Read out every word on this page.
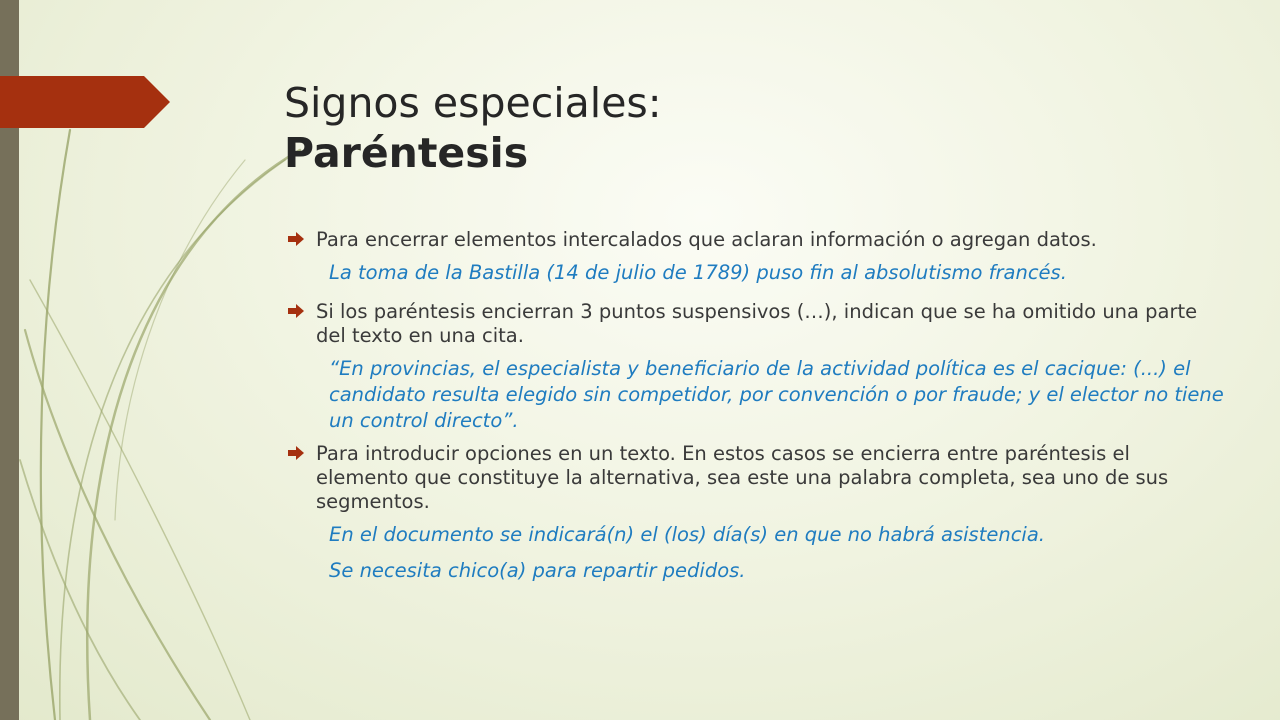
Signos especiales:
Paréntesis
Para encerrar elementos intercalados que aclaran información o agregan datos.
La toma de la Bastilla (14 de julio de 1789) puso fin al absolutismo francés.
Si los paréntesis encierran 3 puntos suspensivos (…), indican que se ha omitido una parte del texto en una cita.
“En provincias, el especialista y beneficiario de la actividad política es el cacique: (...) el candidato resulta elegido sin competidor, por convención o por fraude; y el elector no tiene un control directo”.
Para introducir opciones en un texto. En estos casos se encierra entre paréntesis el elemento que constituye la alternativa, sea este una palabra completa, sea uno de sus segmentos.
En el documento se indicará(n) el (los) día(s) en que no habrá asistencia.
Se necesita chico(a) para repartir pedidos.
